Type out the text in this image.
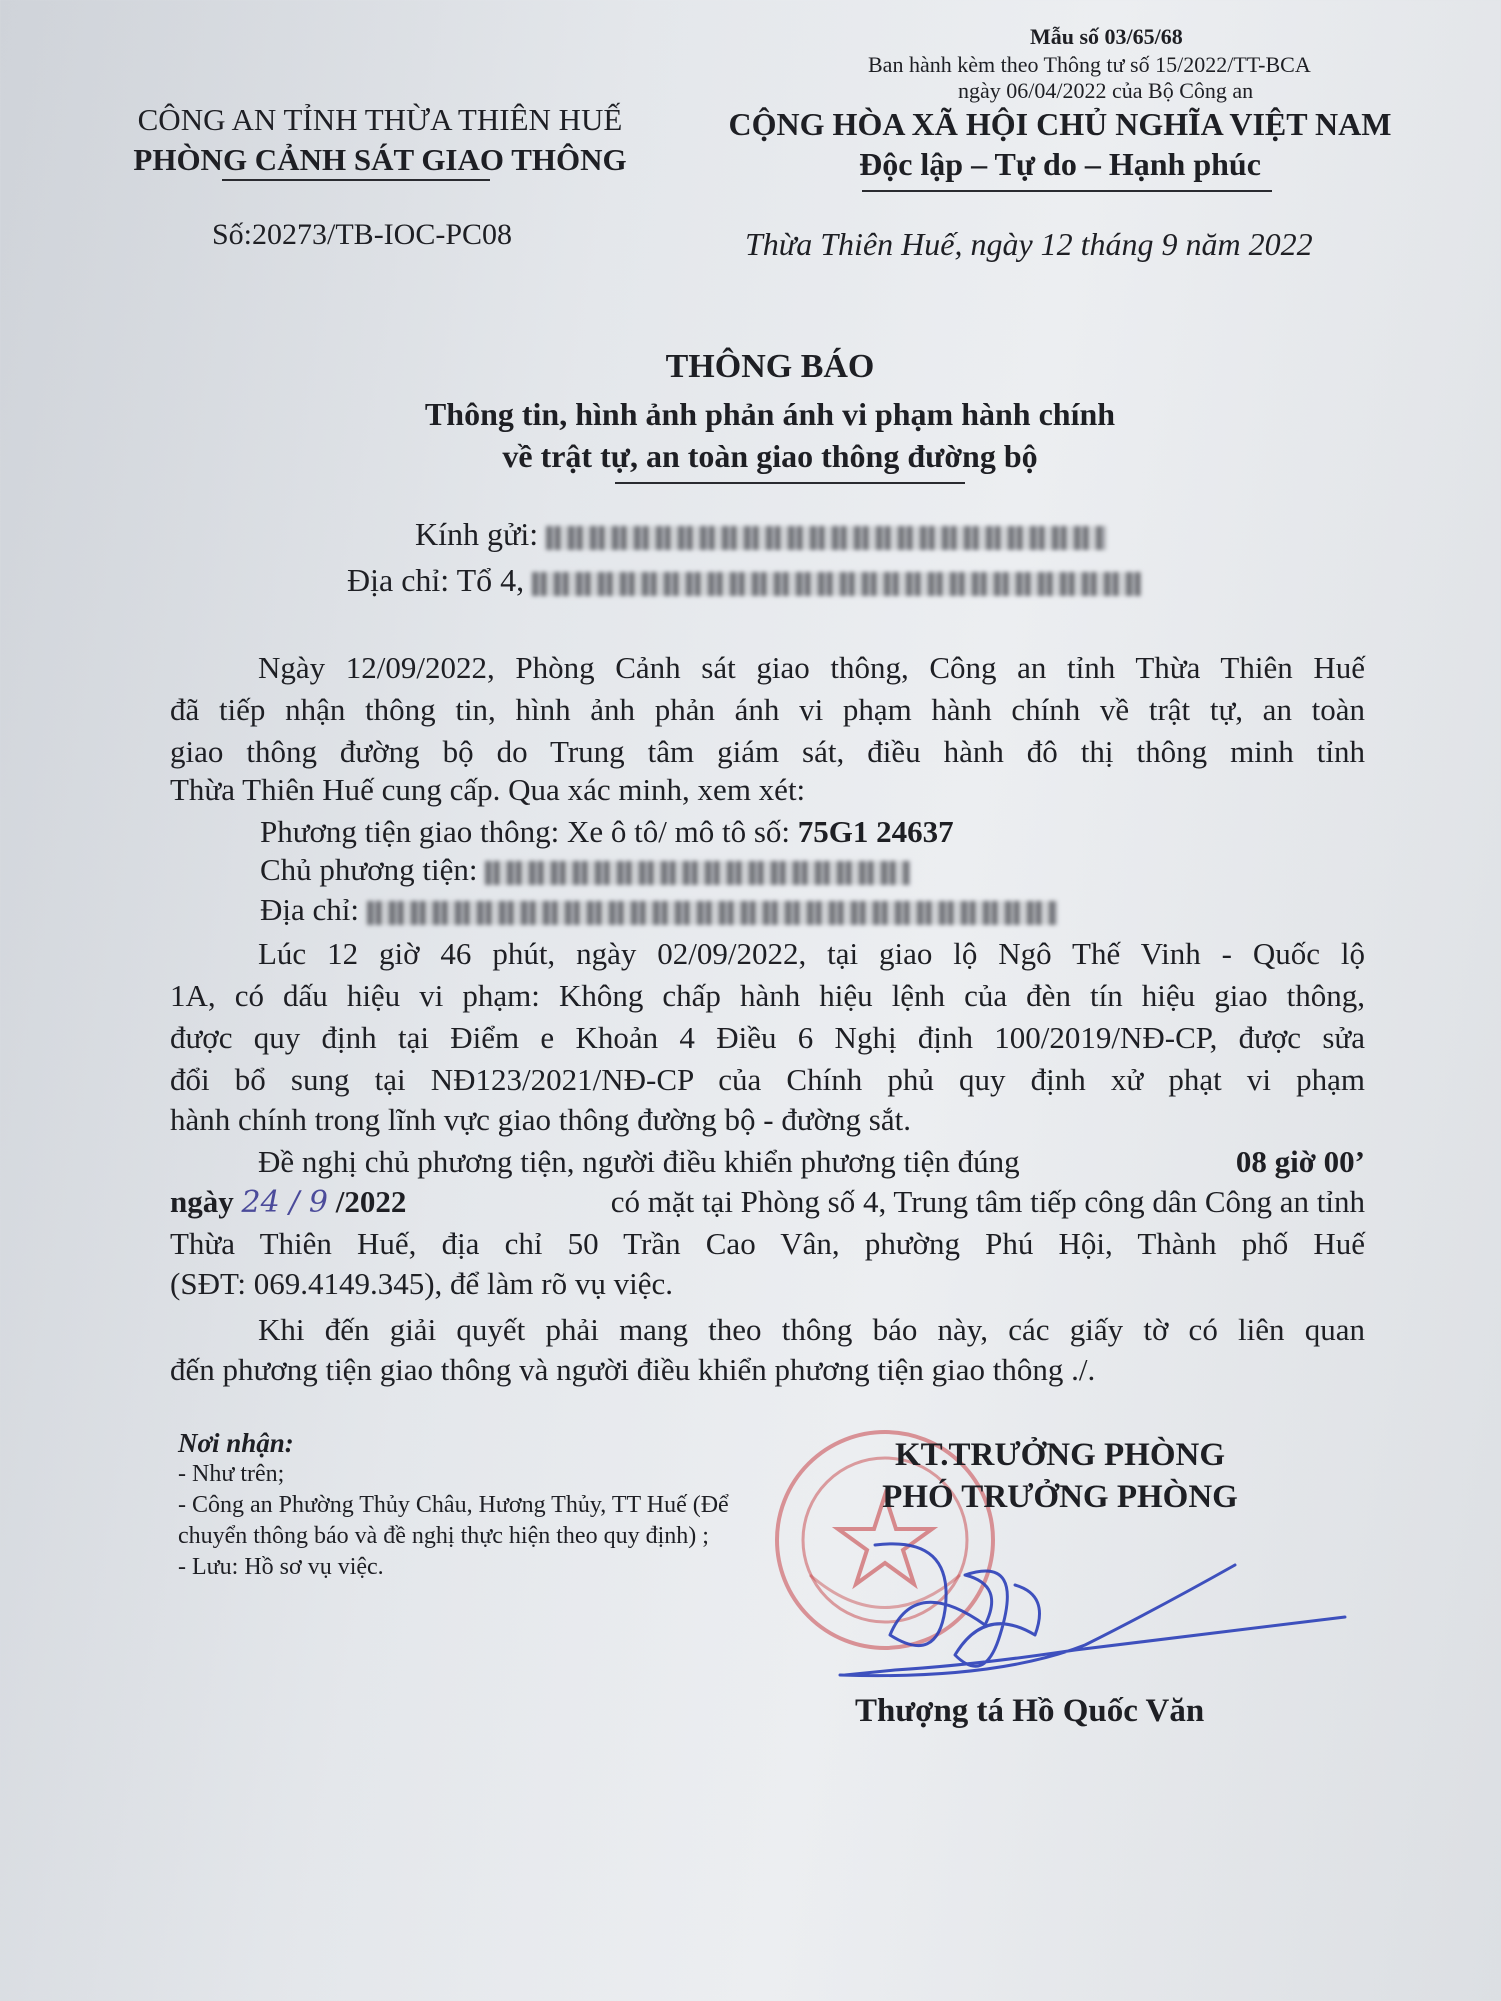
Mẫu số 03/65/68
Ban hành kèm theo Thông tư số 15/2022/TT-BCA
ngày 06/04/2022 của Bộ Công an
CÔNG AN TỈNH THỪA THIÊN HUẾ
PHÒNG CẢNH SÁT GIAO THÔNG
CỘNG HÒA XÃ HỘI CHỦ NGHĨA VIỆT NAM
Độc lập – Tự do – Hạnh phúc
Số:20273/TB-IOC-PC08	Thừa Thiên Huế, ngày 12 tháng 9 năm 2022
THÔNG BÁO
Thông tin, hình ảnh phản ánh vi phạm hành chính
về trật tự, an toàn giao thông đường bộ
Kính gửi:
Địa chỉ: Tổ 4,
Ngày 12/09/2022, Phòng Cảnh sát giao thông, Công an tỉnh Thừa Thiên Huế
đã tiếp nhận thông tin, hình ảnh phản ánh vi phạm hành chính về trật tự, an toàn
giao thông đường bộ do Trung tâm giám sát, điều hành đô thị thông minh tỉnh
Thừa Thiên Huế cung cấp. Qua xác minh, xem xét:
Phương tiện giao thông: Xe ô tô/ mô tô số: 75G1 24637
Chủ phương tiện:
Địa chỉ:
Lúc 12 giờ 46 phút, ngày 02/09/2022, tại giao lộ Ngô Thế Vinh - Quốc lộ
1A, có dấu hiệu vi phạm: Không chấp hành hiệu lệnh của đèn tín hiệu giao thông,
được quy định tại Điểm e Khoản 4 Điều 6 Nghị định 100/2019/NĐ-CP, được sửa
đổi bổ sung tại NĐ123/2021/NĐ-CP của Chính phủ quy định xử phạt vi phạm
hành chính trong lĩnh vực giao thông đường bộ - đường sắt.
Đề nghị chủ phương tiện, người điều khiển phương tiện đúng	08 giờ 00’
ngày 24 / 9 /2022	có mặt tại Phòng số 4, Trung tâm tiếp công dân Công an tỉnh
Thừa Thiên Huế, địa chỉ 50 Trần Cao Vân, phường Phú Hội, Thành phố Huế
(SĐT: 069.4149.345), để làm rõ vụ việc.
Khi đến giải quyết phải mang theo thông báo này, các giấy tờ có liên quan
đến phương tiện giao thông và người điều khiển phương tiện giao thông ./.
Nơi nhận:
- Như trên;
- Công an Phường Thủy Châu, Hương Thủy, TT Huế (Để chuyển thông báo và đề nghị thực hiện theo quy định) ;
- Lưu: Hồ sơ vụ việc.
KT.TRƯỞNG PHÒNG
PHÓ TRƯỞNG PHÒNG
Thượng tá Hồ Quốc Văn
